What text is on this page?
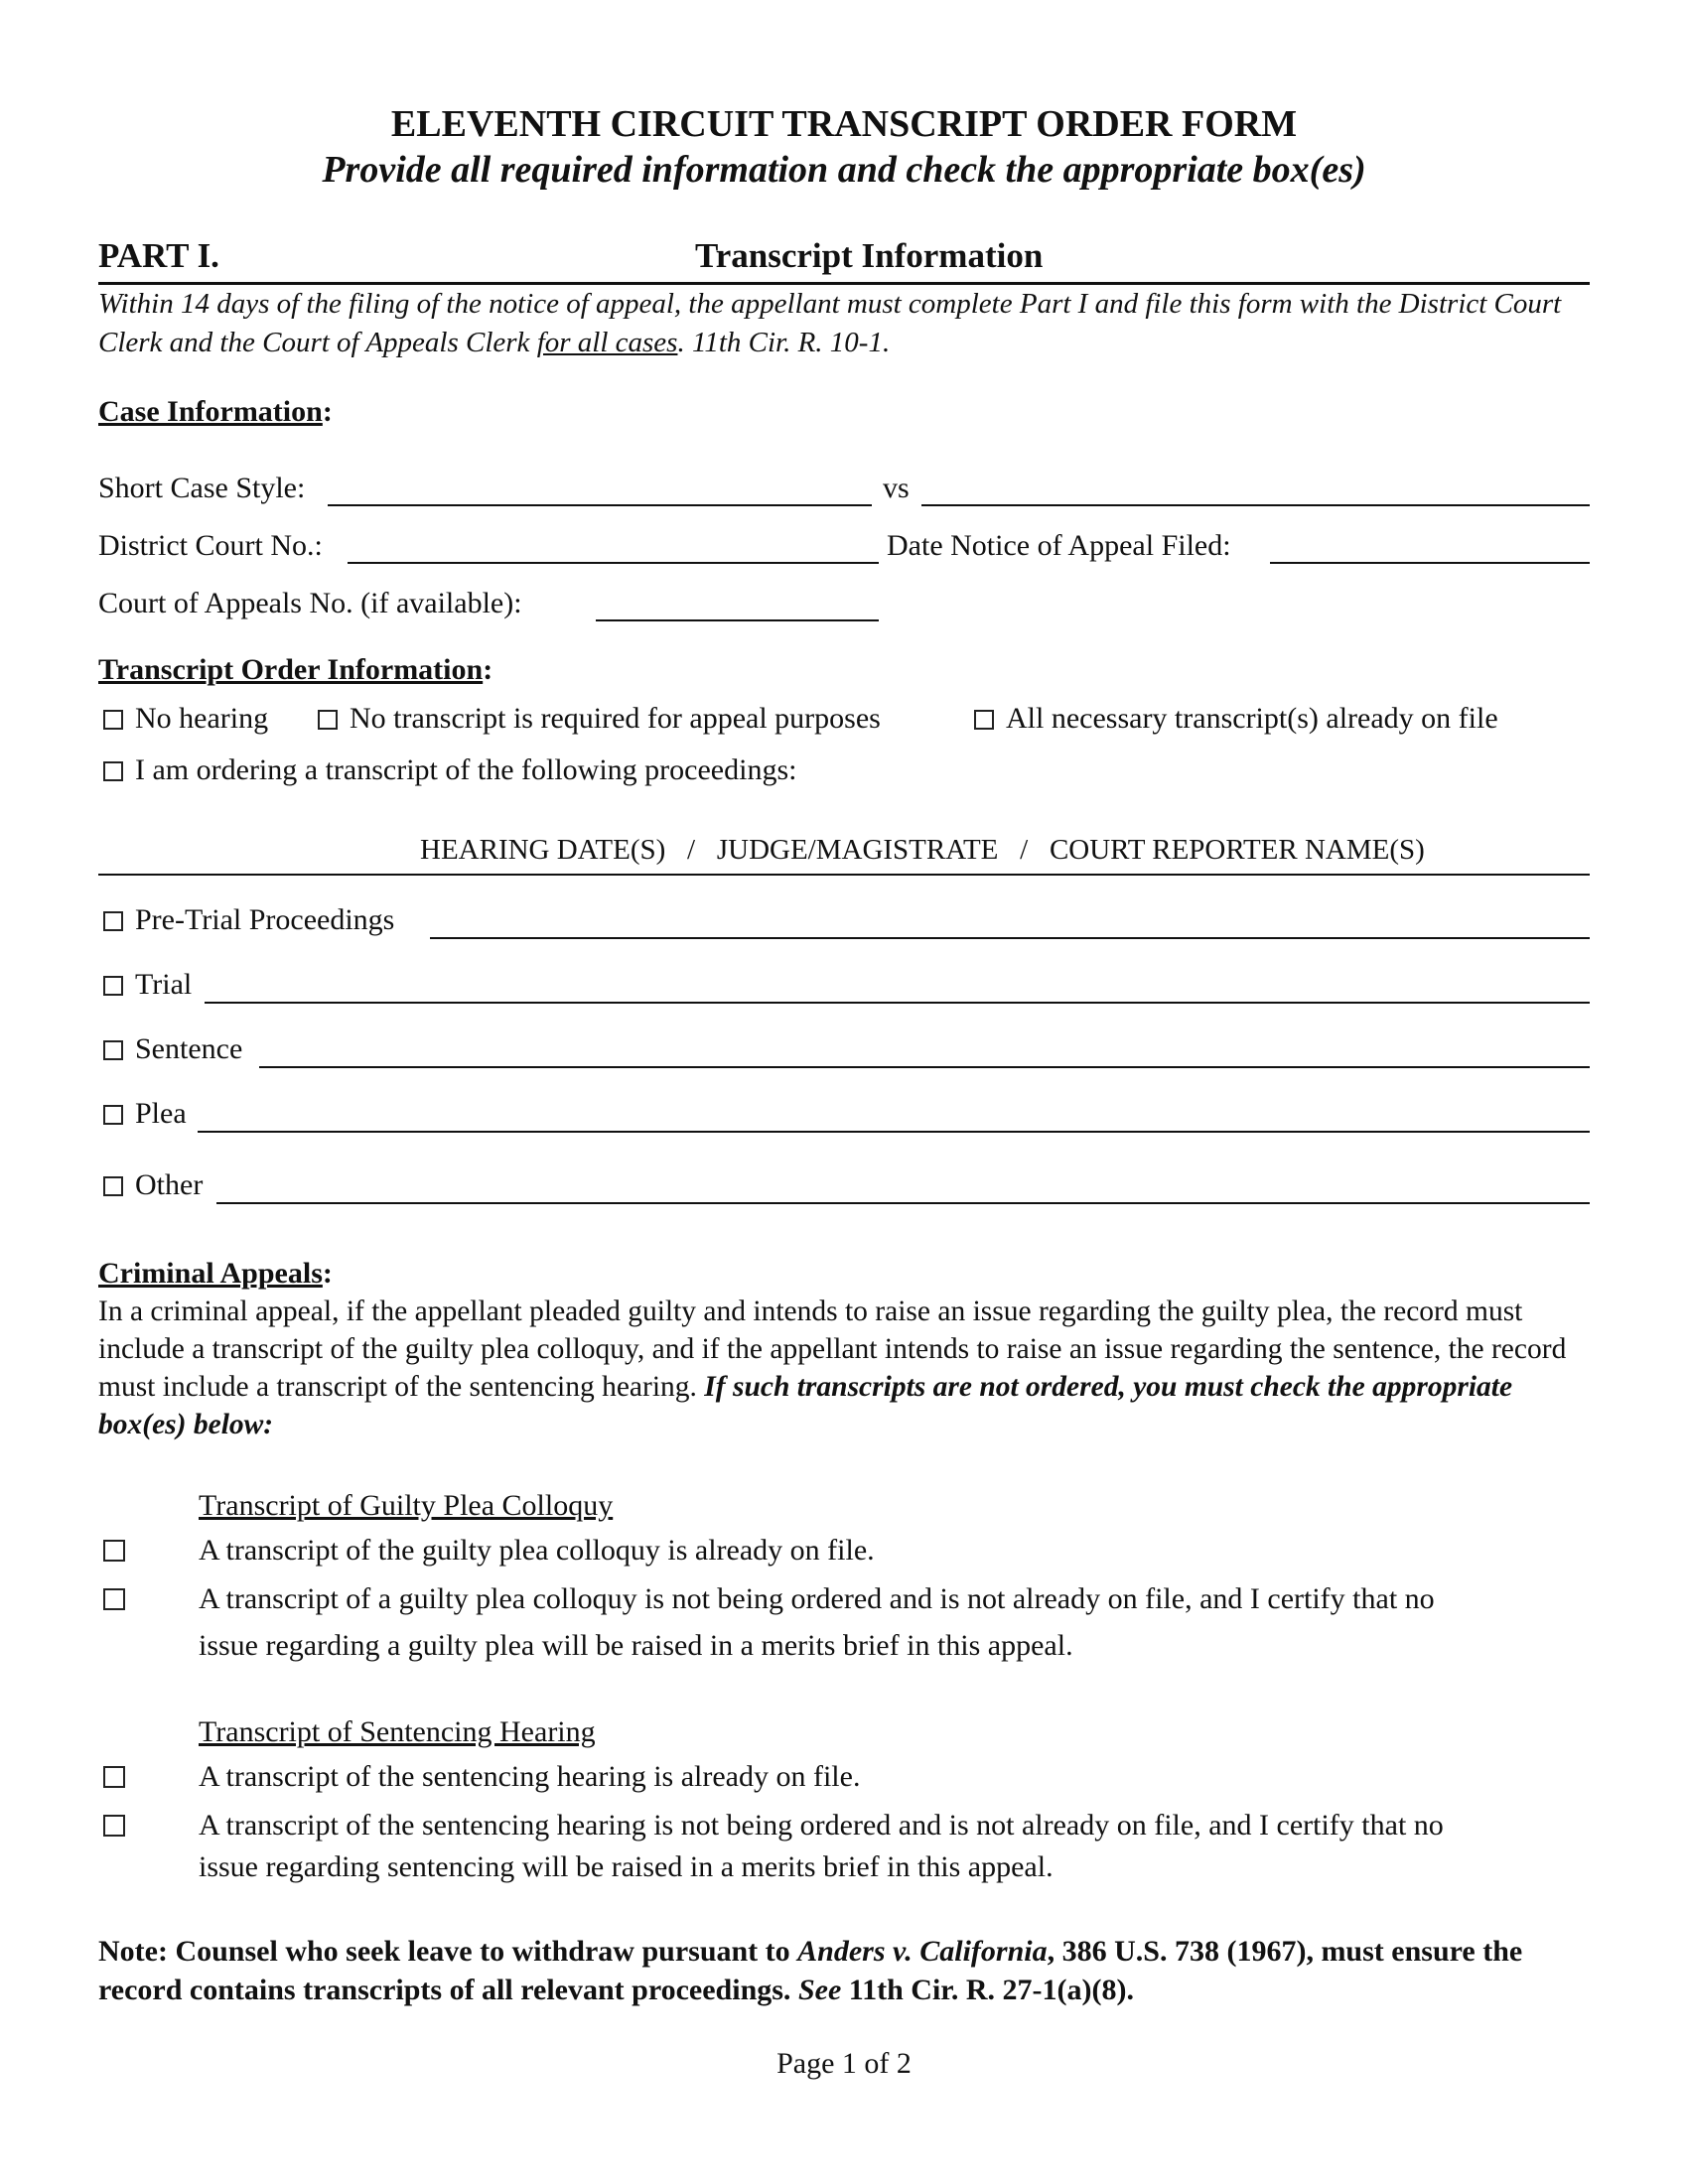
ELEVENTH CIRCUIT TRANSCRIPT ORDER FORM
Provide all required information and check the appropriate box(es)
PART I.	Transcript Information
Within 14 days of the filing of the notice of appeal, the appellant must complete Part I and file this form with the District Court Clerk and the Court of Appeals Clerk for all cases. 11th Cir. R. 10-1.
Case Information:
Short Case Style:	vs
District Court No.:	Date Notice of Appeal Filed:
Court of Appeals No. (if available):
Transcript Order Information:
No hearing	No transcript is required for appeal purposes	All necessary transcript(s) already on file
I am ordering a transcript of the following proceedings:
HEARING DATE(S)   /   JUDGE/MAGISTRATE   /   COURT REPORTER NAME(S)
Pre-Trial Proceedings
Trial
Sentence
Plea
Other
Criminal Appeals:
In a criminal appeal, if the appellant pleaded guilty and intends to raise an issue regarding the guilty plea, the record must include a transcript of the guilty plea colloquy, and if the appellant intends to raise an issue regarding the sentence, the record must include a transcript of the sentencing hearing. If such transcripts are not ordered, you must check the appropriate box(es) below:
Transcript of Guilty Plea Colloquy
A transcript of the guilty plea colloquy is already on file.
A transcript of a guilty plea colloquy is not being ordered and is not already on file, and I certify that no
issue regarding a guilty plea will be raised in a merits brief in this appeal.
Transcript of Sentencing Hearing
A transcript of the sentencing hearing is already on file.
A transcript of the sentencing hearing is not being ordered and is not already on file, and I certify that no
issue regarding sentencing will be raised in a merits brief in this appeal.
Note: Counsel who seek leave to withdraw pursuant to Anders v. California, 386 U.S. 738 (1967), must ensure the record contains transcripts of all relevant proceedings. See 11th Cir. R. 27-1(a)(8).
Page 1 of 2
